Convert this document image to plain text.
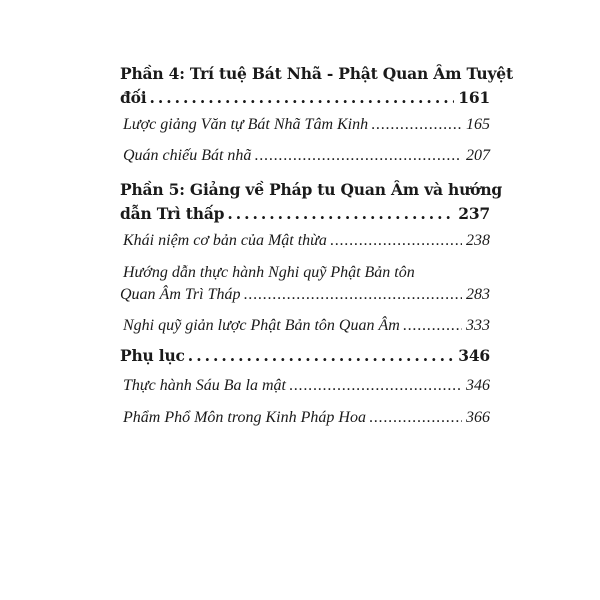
Phần 4: Trí tuệ Bát Nhã - Phật Quan Âm Tuyệt
đối . . .	161
Lược giảng Văn tự Bát Nhã Tâm Kinh . . .	165
Quán chiếu Bát nhã . . .	207
Phần 5: Giảng về Pháp tu Quan Âm và hướng
dẫn Trì thấp . . .	237
Khái niệm cơ bản của Mật thừa . . .	238
Hướng dẫn thực hành Nghi quỹ Phật Bản tôn
Quan Âm Trì Tháp . . .	283
Nghi quỹ giản lược Phật Bản tôn Quan Âm . . .	333
Phụ lục . . .	346
Thực hành Sáu Ba la mật . . .	346
Phẩm Phổ Môn trong Kinh Pháp Hoa . . .	366
